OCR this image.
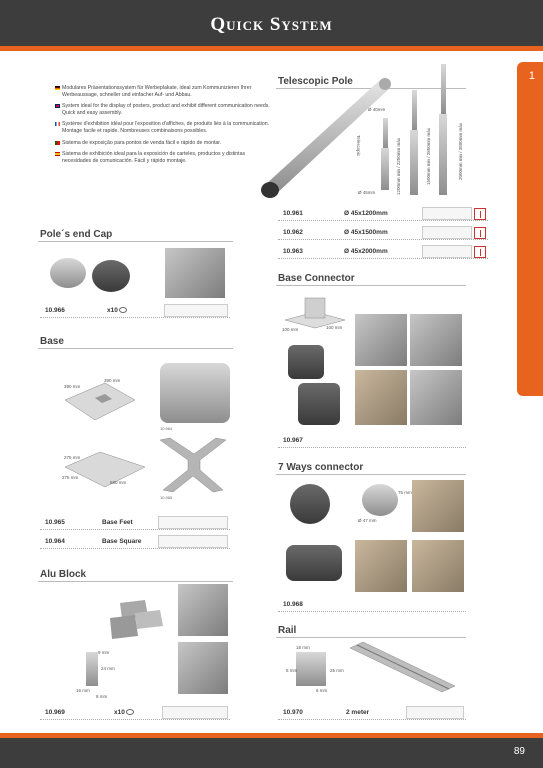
Quick System
1

Modulares Präsentationssystem für Werbeplakate, ideal zum Kommunizieren Ihrer Werbeaussage, schneller und einfacher Auf- und Abbau.

System ideal for the display of posters, product and exhibit different communication needs. Quick and easy assembly.

Système d'exhibition idéal pour l'exposition d'affiches, de produits liés à la communication. Montage facile et rapide. Nombreuses combinaisons possibles.

Sistema de exposição para pontos de venda fácil e rápido de montar.

Sistema de exhibición ideal para la exposición de carteles, productos y distintas necesidades de comunicación. Fácil y rápido montaje.

Telescopic Pole
Ø 40mm
Ø 45mm
Telescopic	1200mm min / 2250mm máx	1500mm min / 2850mm máx	2000mm min / 3890mm máx
10.961	Ø 45x1200mm
10.962	Ø 45x1500mm
10.963	Ø 45x2000mm
Pole´s end Cap
10.966	x10
Base
390 mm
390 mm
10.964
275 mm
275 mm
680 mm
10.965
10.965	Base Feet
10.964	Base Square
Alu Block
9 mm
24 mm
16 mm
8 mm
10.969	x10
Base Connector
100 mm	100 mm
10.967
7 Ways connector
Ø 47 mm
75 mm
10.968
Rail
18 mm
8 mm	25 mm
6 mm
10.970	2 meter
89
